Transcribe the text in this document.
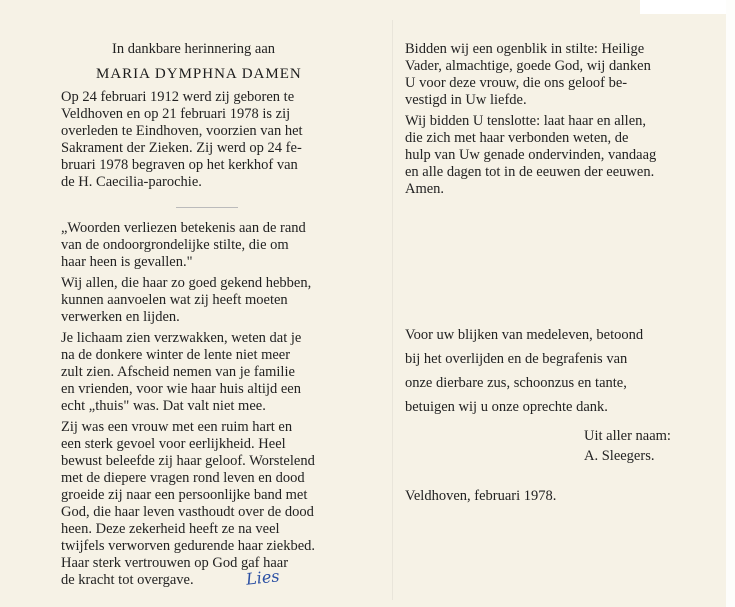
In dankbare herinnering aan
MARIA DYMPHNA DAMEN
Op 24 februari 1912 werd zij geboren te
Veldhoven en op 21 februari 1978 is zij
overleden te Eindhoven, voorzien van het
Sakrament der Zieken. Zij werd op 24 fe-
bruari 1978 begraven op het kerkhof van
de H. Caecilia-parochie.
„Woorden verliezen betekenis aan de rand
van de ondoorgrondelijke stilte, die om
haar heen is gevallen."
Wij allen, die haar zo goed gekend hebben,
kunnen aanvoelen wat zij heeft moeten
verwerken en lijden.
Je lichaam zien verzwakken, weten dat je
na de donkere winter de lente niet meer
zult zien. Afscheid nemen van je familie
en vrienden, voor wie haar huis altijd een
echt „thuis" was. Dat valt niet mee.
Zij was een vrouw met een ruim hart en
een sterk gevoel voor eerlijkheid. Heel
bewust beleefde zij haar geloof. Worstelend
met de diepere vragen rond leven en dood
groeide zij naar een persoonlijke band met
God, die haar leven vasthoudt over de dood
heen. Deze zekerheid heeft ze na veel
twijfels verworven gedurende haar ziekbed.
Haar sterk vertrouwen op God gaf haar
de kracht tot overgave.	Lies
Bidden wij een ogenblik in stilte: Heilige
Vader, almachtige, goede God, wij danken
U voor deze vrouw, die ons geloof be-
vestigd in Uw liefde.
Wij bidden U tenslotte: laat haar en allen,
die zich met haar verbonden weten, de
hulp van Uw genade ondervinden, vandaag
en alle dagen tot in de eeuwen der eeuwen.
Amen.
Voor uw blijken van medeleven, betoond
bij het overlijden en de begrafenis van
onze dierbare zus, schoonzus en tante,
betuigen wij u onze oprechte dank.
Uit aller naam:
A. Sleegers.
Veldhoven, februari 1978.
